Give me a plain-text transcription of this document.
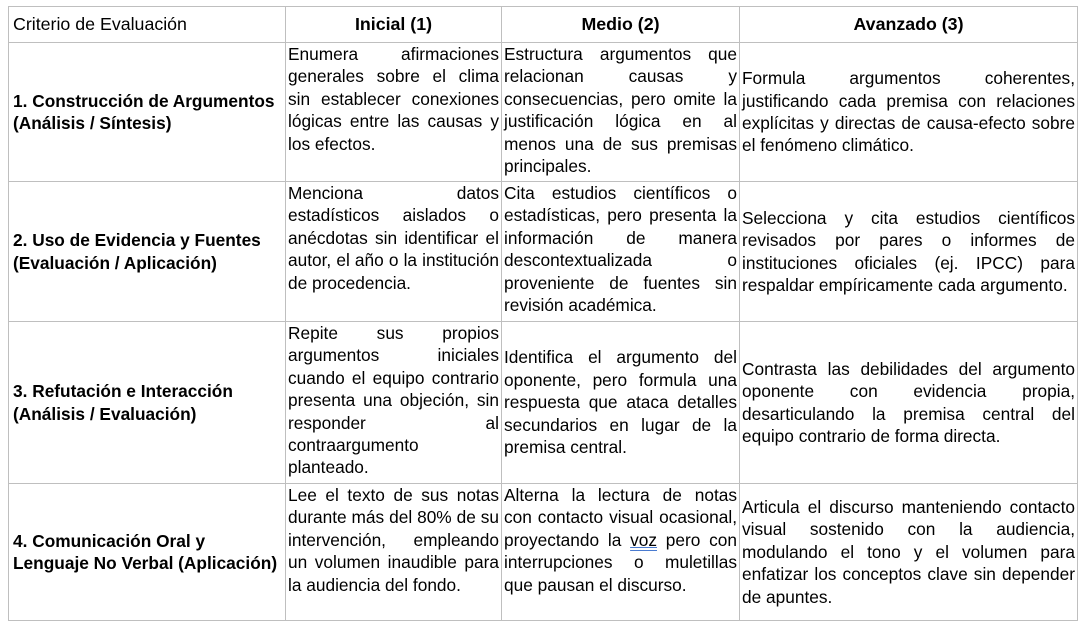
Criterio de Evaluación	Inicial (1)	Medio (2)	Avanzado (3)
1. Construcción de Argumentos (Análisis / Síntesis)	Enumera afirmaciones generales sobre el clima sin establecer conexiones lógicas entre las causas y los efectos.	Estructura argumentos que relacionan causas y consecuencias, pero omite la justificación lógica en al menos una de sus premisas principales.	Formula argumentos coherentes, justificando cada premisa con relaciones explícitas y directas de causa-efecto sobre el fenómeno climático.
2. Uso de Evidencia y Fuentes (Evaluación / Aplicación)	Menciona datos estadísticos aislados o anécdotas sin identificar el autor, el año o la institución de procedencia.	Cita estudios científicos o estadísticas, pero presenta la información de manera descontextualizada o proveniente de fuentes sin revisión académica.	Selecciona y cita estudios científicos revisados por pares o informes de instituciones oficiales (ej. IPCC) para respaldar empíricamente cada argumento.
3. Refutación e Interacción (Análisis / Evaluación)	Repite sus propios argumentos iniciales cuando el equipo contrario presenta una objeción, sin responder al contraargumento planteado.	Identifica el argumento del oponente, pero formula una respuesta que ataca detalles secundarios en lugar de la premisa central.	Contrasta las debilidades del argumento oponente con evidencia propia, desarticulando la premisa central del equipo contrario de forma directa.
4. Comunicación Oral y Lenguaje No Verbal (Aplicación)	Lee el texto de sus notas durante más del 80% de su intervención, empleando un volumen inaudible para la audiencia del fondo.	Alterna la lectura de notas con contacto visual ocasional, proyectando la voz pero con interrupciones o muletillas que pausan el discurso.	Articula el discurso manteniendo contacto visual sostenido con la audiencia, modulando el tono y el volumen para enfatizar los conceptos clave sin depender de apuntes.
